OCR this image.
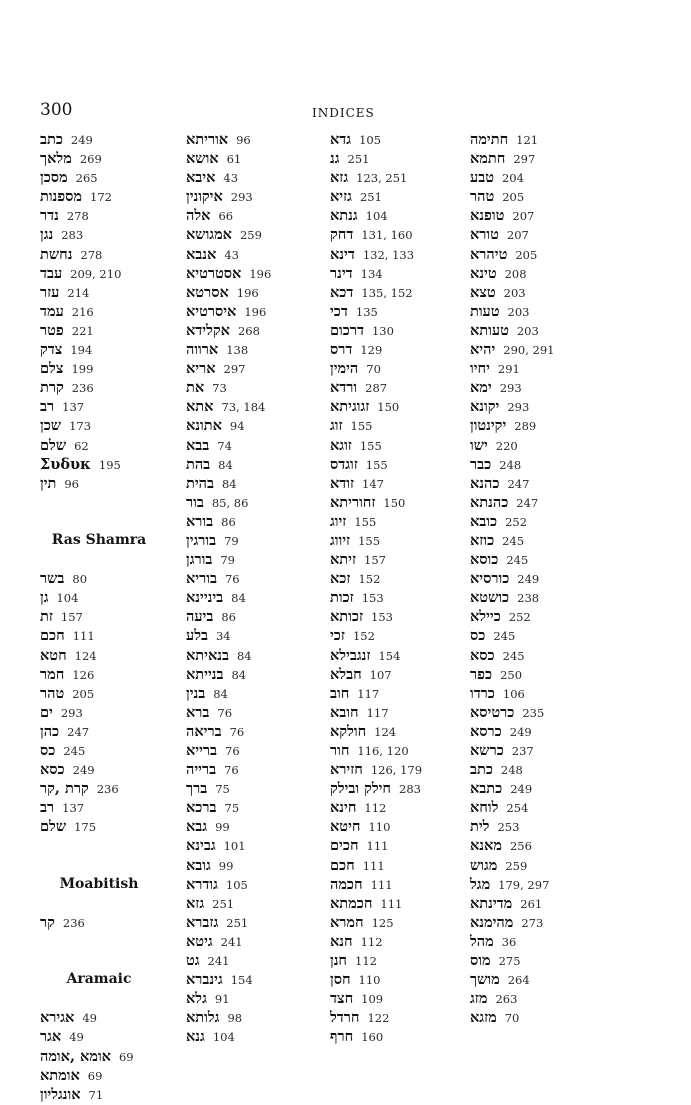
300	INDICES
כתב 249
מלאך 269
מסכן 265
מספנות 172
נדר 278
נגן 283
נחשת 278
עבד 209, 210
עזר 214
עמד 216
פטר 221
צדק 194
צלם 199
קרת 236
רב 137
שכן 173
שלם 62
Συδυκ 195
תין 96
Ras Shamra
בשר 80
גן 104
זת 157
חכם 111
חטא 124
חמר 126
טהר 205
ים 293
כהן 247
כס 245
כסא 249
קרת ,קר 236
רב 137
שלם 175
Moabitish
קר 236
Aramaic
אגירא 49
אגר 49
אומא ,אומה 69
אומתא 69
אונגליון 71
אוריתא 96
אושא 61
איבא 43
איקונין 293
אלה 66
אמגושא 259
אנבא 43
אסטרטיא 196
אסרטא 196
איסרטיא 196
אקלידא 268
ארווה 138
אריא 297
את 73
אתא 73, 184
אתונא 94
בבא 74
בהת 84
בהית 84
בור 85, 86
בורא 86
בורגין 79
בורגן 79
בוריא 76
ביניינא 84
ביעה 86
בלע 34
בנאיתא 84
בנייתא 84
בנין 84
ברא 76
בריאה 76
ברייא 76
ברייה 76
ברך 75
ברכא 75
גבא 99
גבינא 101
גובא 99
גודרא 105
גזא 251
גזברא 251
גיטא 241
גט 241
גינברא 154
גלא 91
גלותא 98
גנא 104
גדא 105
גנ 251
גזא 123, 251
גזיא 251
גנתא 104
דחק 131, 160
דינא 132, 133
דינר 134
דכא 135, 152
דכי 135
דרכום 130
דרס 129
הימין 70
ורדא 287
זגוגיתא 150
זוג 155
זוגא 155
זוגדס 155
זודא 147
זחוריתא 150
זיוג 155
זיווג 155
זיתא 157
זכא 152
זכות 153
זכותא 153
זכי 152
זנגבילא 154
חבלא 107
חוב 117
חובא 117
חולקא 124
חור 116, 120
חזירא 126, 179
חילק ובילק 283
חינא 112
חיטא 110
חכים 111
חכם 111
חכמה 111
חכמתא 111
חמרא 125
חנא 112
חנן 112
חסן 110
חצד 109
חרדל 122
חרף 160
חתימה 121
חתמא 297
טבע 204
טהר 205
טופנא 207
טורא 207
טיהרא 205
טינא 208
טצא 203
טעות 203
טעותא 203
יהיא 290, 291
יחיו 291
ימא 293
יקונא 293
יקינטון 289
ישו 220
כבר 248
כהנא 247
כהנתא 247
כובא 252
כוזא 245
כוסא 245
כורסיא 249
כושטא 238
כיילא 252
כס 245
כסא 245
כפר 250
כרדו 106
כרטיסא 235
כרסא 249
כרשא 237
כתב 248
כתבא 249
לוחא 254
לית 253
מאנא 256
מגוש 259
מגל 179, 297
מדינתא 261
מהימנא 273
מהל 36
מוס 275
מושך 264
מזג 263
מזגא 70
